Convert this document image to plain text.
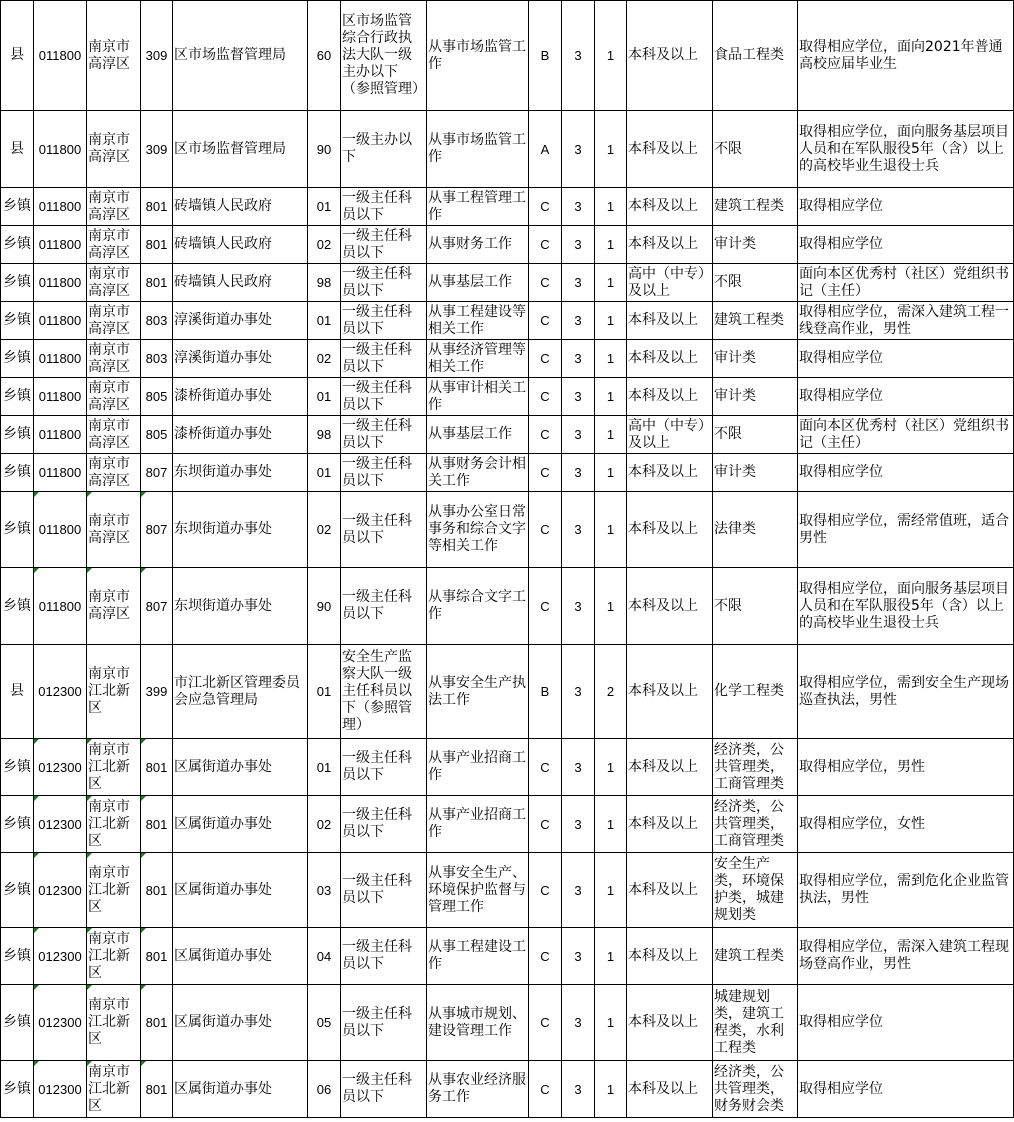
县	011800	南京市高淳区	309	区市场监督管理局	60	区市场监管综合行政执法大队一级主办以下（参照管理）	从事市场监管工作	B	3	1	本科及以上	食品工程类	取得相应学位，面向2021年普通高校应届毕业生
县	011800	南京市高淳区	309	区市场监督管理局	90	一级主办以下	从事市场监管工作	A	3	1	本科及以上	不限	取得相应学位，面向服务基层项目人员和在军队服役5年（含）以上的高校毕业生退役士兵
乡镇	011800	南京市高淳区	801	砖墙镇人民政府	01	一级主任科员以下	从事工程管理工作	C	3	1	本科及以上	建筑工程类	取得相应学位
乡镇	011800	南京市高淳区	801	砖墙镇人民政府	02	一级主任科员以下	从事财务工作	C	3	1	本科及以上	审计类	取得相应学位
乡镇	011800	南京市高淳区	801	砖墙镇人民政府	98	一级主任科员以下	从事基层工作	C	3	1	高中（中专）及以上	不限	面向本区优秀村（社区）党组织书记（主任）
乡镇	011800	南京市高淳区	803	淳溪街道办事处	01	一级主任科员以下	从事工程建设等相关工作	C	3	1	本科及以上	建筑工程类	取得相应学位，需深入建筑工程一线登高作业，男性
乡镇	011800	南京市高淳区	803	淳溪街道办事处	02	一级主任科员以下	从事经济管理等相关工作	C	3	1	本科及以上	审计类	取得相应学位
乡镇	011800	南京市高淳区	805	漆桥街道办事处	01	一级主任科员以下	从事审计相关工作	C	3	1	本科及以上	审计类	取得相应学位
乡镇	011800	南京市高淳区	805	漆桥街道办事处	98	一级主任科员以下	从事基层工作	C	3	1	高中（中专）及以上	不限	面向本区优秀村（社区）党组织书记（主任）
乡镇	011800	南京市高淳区	807	东坝街道办事处	01	一级主任科员以下	从事财务会计相关工作	C	3	1	本科及以上	审计类	取得相应学位
乡镇	011800	南京市高淳区	807	东坝街道办事处	02	一级主任科员以下	从事办公室日常事务和综合文字等相关工作	C	3	1	本科及以上	法律类	取得相应学位，需经常值班，适合男性
乡镇	011800	南京市高淳区	807	东坝街道办事处	90	一级主任科员以下	从事综合文字工作	C	3	1	本科及以上	不限	取得相应学位，面向服务基层项目人员和在军队服役5年（含）以上的高校毕业生退役士兵
县	012300	南京市江北新区	399	市江北新区管理委员会应急管理局	01	安全生产监察大队一级主任科员以下（参照管理）	从事安全生产执法工作	B	3	2	本科及以上	化学工程类	取得相应学位，需到安全生产现场巡查执法，男性
乡镇	012300	南京市江北新区	801	区属街道办事处	01	一级主任科员以下	从事产业招商工作	C	3	1	本科及以上	经济类，公共管理类，工商管理类	取得相应学位，男性
乡镇	012300	南京市江北新区	801	区属街道办事处	02	一级主任科员以下	从事产业招商工作	C	3	1	本科及以上	经济类，公共管理类，工商管理类	取得相应学位，女性
乡镇	012300	南京市江北新区	801	区属街道办事处	03	一级主任科员以下	从事安全生产、环境保护监督与管理工作	C	3	1	本科及以上	安全生产类，环境保护类，城建规划类	取得相应学位，需到危化企业监管执法，男性
乡镇	012300	南京市江北新区	801	区属街道办事处	04	一级主任科员以下	从事工程建设工作	C	3	1	本科及以上	建筑工程类	取得相应学位，需深入建筑工程现场登高作业，男性
乡镇	012300	南京市江北新区	801	区属街道办事处	05	一级主任科员以下	从事城市规划、建设管理工作	C	3	1	本科及以上	城建规划类，建筑工程类，水利工程类	取得相应学位
乡镇	012300	南京市江北新区	801	区属街道办事处	06	一级主任科员以下	从事农业经济服务工作	C	3	1	本科及以上	经济类，公共管理类，财务财会类	取得相应学位
